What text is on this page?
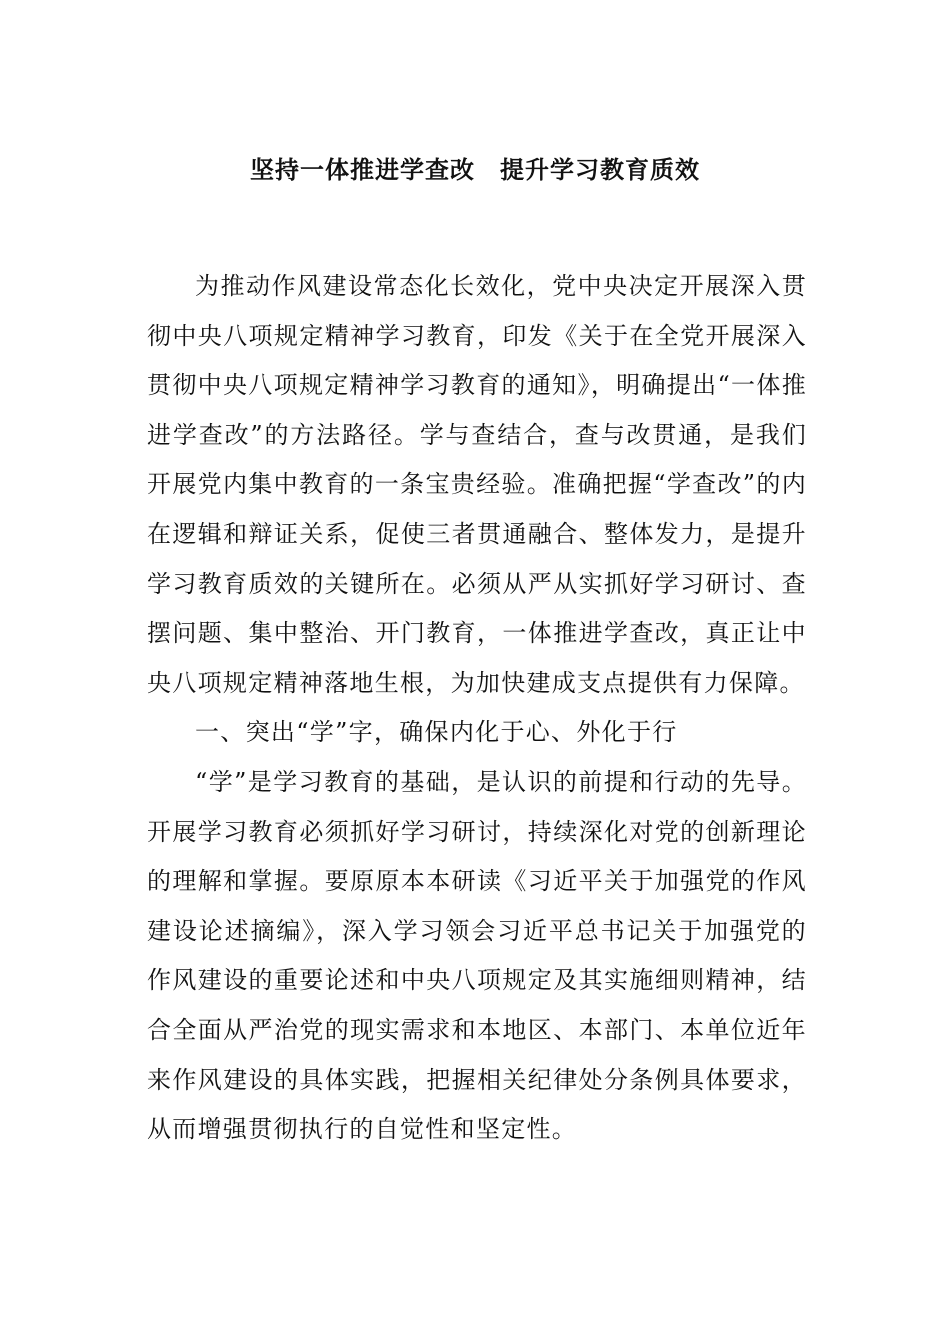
坚持一体推进学查改　提升学习教育质效

为推动作风建设常态化长效化，党中央决定开展深入贯彻中央八项规定精神学习教育，印发《关于在全党开展深入贯彻中央八项规定精神学习教育的通知》，明确提出“一体推进学查改”的方法路径。学与查结合，查与改贯通，是我们开展党内集中教育的一条宝贵经验。准确把握“学查改”的内在逻辑和辩证关系，促使三者贯通融合、整体发力，是提升学习教育质效的关键所在。必须从严从实抓好学习研讨、查摆问题、集中整治、开门教育，一体推进学查改，真正让中央八项规定精神落地生根，为加快建成支点提供有力保障。

一、突出“学”字，确保内化于心、外化于行

“学”是学习教育的基础，是认识的前提和行动的先导。开展学习教育必须抓好学习研讨，持续深化对党的创新理论的理解和掌握。要原原本本研读《习近平关于加强党的作风建设论述摘编》，深入学习领会习近平总书记关于加强党的作风建设的重要论述和中央八项规定及其实施细则精神，结合全面从严治党的现实需求和本地区、本部门、本单位近年来作风建设的具体实践，把握相关纪律处分条例具体要求，从而增强贯彻执行的自觉性和坚定性。
